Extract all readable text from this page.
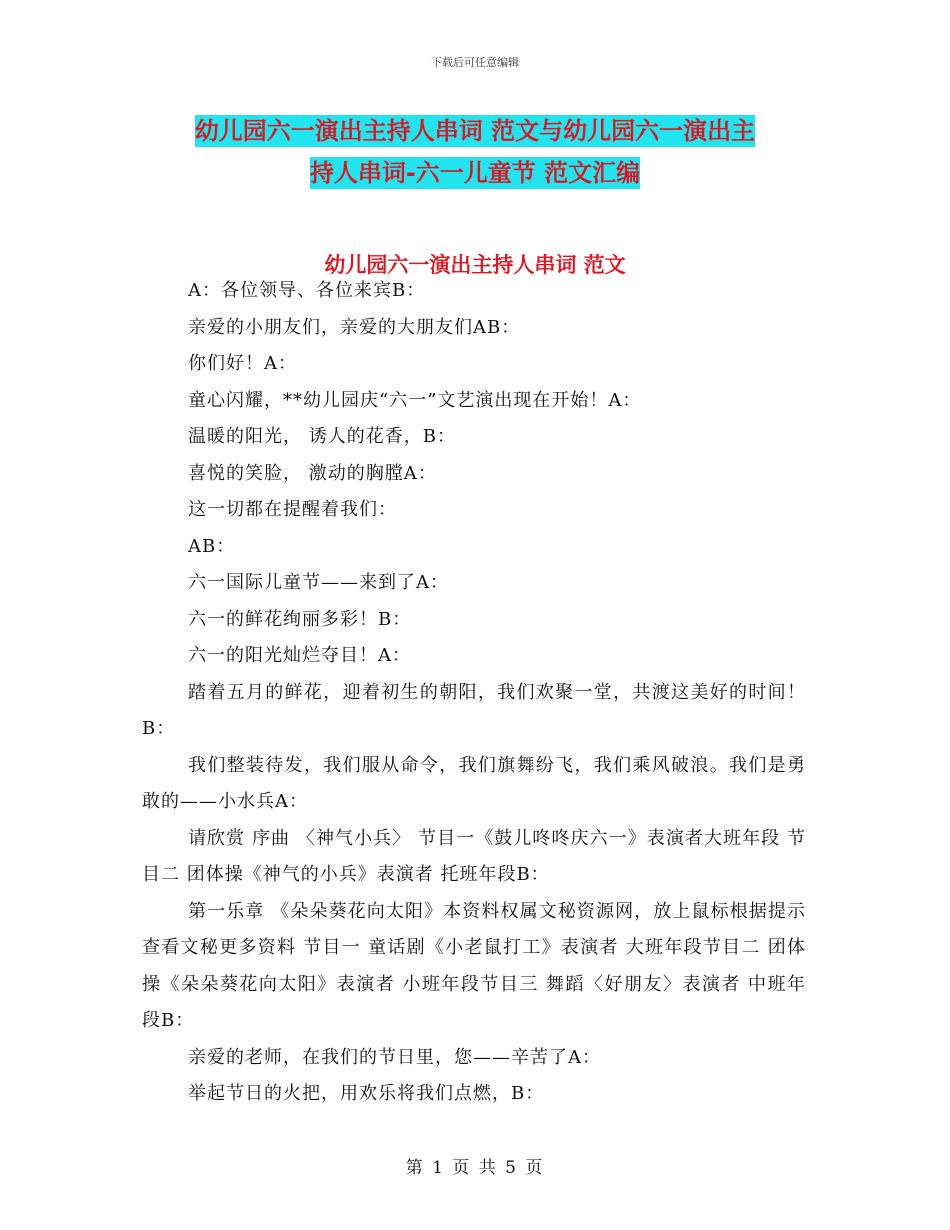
下载后可任意编辑
幼儿园六一演出主持人串词 范文与幼儿园六一演出主
持人串词-六一儿童节 范文汇编
幼儿园六一演出主持人串词 范文

A：各位领导、各位来宾B：

亲爱的小朋友们，亲爱的大朋友们AB：

你们好！A：

童心闪耀，**幼儿园庆“六一”文艺演出现在开始！A：

温暖的阳光， 诱人的花香，B：

喜悦的笑脸， 激动的胸膛A：

这一切都在提醒着我们：

AB：

六一国际儿童节——来到了A：

六一的鲜花绚丽多彩！B：

六一的阳光灿烂夺目！A：

踏着五月的鲜花，迎着初生的朝阳，我们欢聚一堂，共渡这美好的时间！B：

我们整装待发，我们服从命令，我们旗舞纷飞，我们乘风破浪。我们是勇敢的——小水兵A：

请欣赏 序曲 〈神气小兵〉 节目一《鼓儿咚咚庆六一》表演者大班年段 节目二 团体操《神气的小兵》表演者 托班年段B：

第一乐章 《朵朵葵花向太阳》本资料权属文秘资源网，放上鼠标根据提示查看文秘更多资料 节目一 童话剧《小老鼠打工》表演者 大班年段节目二 团体操《朵朵葵花向太阳》表演者 小班年段节目三 舞蹈〈好朋友〉表演者 中班年段B：

亲爱的老师，在我们的节日里，您——辛苦了A：

举起节日的火把，用欢乐将我们点燃，B：

第 1 页 共 5 页
